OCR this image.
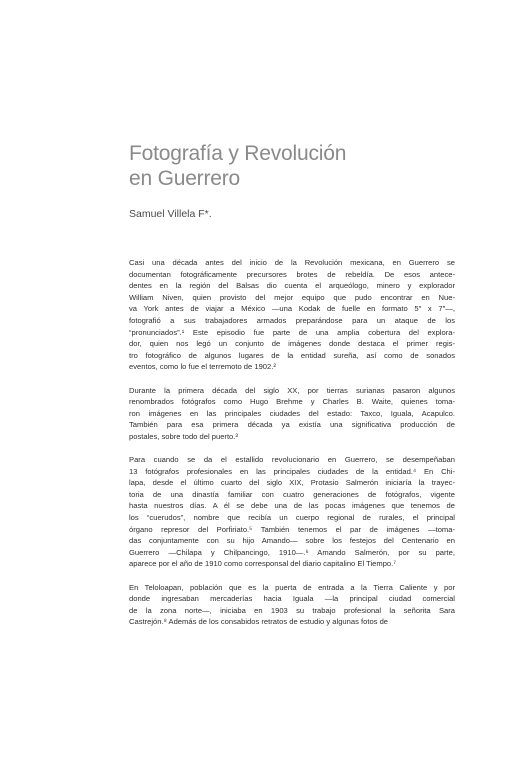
Fotografía y Revolución
en Guerrero
Samuel Villela F*.

Casi una década antes del inicio de la Revolución mexicana, en Guerrero se
documentan fotográficamente precursores brotes de rebeldía. De esos antece-
dentes en la región del Balsas dio cuenta el arqueólogo, minero y explorador
William Niven, quien provisto del mejor equipo que pudo encontrar en Nue-
va York antes de viajar a México —una Kodak de fuelle en formato 5″ x 7″—,
fotografió a sus trabajadores armados preparándose para un ataque de los
“pronunciados”.¹ Este episodio fue parte de una amplia cobertura del explora-
dor, quien nos legó un conjunto de imágenes donde destaca el primer regis-
tro fotográfico de algunos lugares de la entidad sureña, así como de sonados
eventos, como lo fue el terremoto de 1902.²

Durante la primera década del siglo XX, por tierras surianas pasaron algunos
renombrados fotógrafos como Hugo Brehme y Charles B. Waite, quienes toma-
ron imágenes en las principales ciudades del estado: Taxco, Iguala, Acapulco.
También para esa primera década ya existía una significativa producción de
postales, sobre todo del puerto.³

Para cuando se da el estallido revolucionario en Guerrero, se desempeñaban
13 fotógrafos profesionales en las principales ciudades de la entidad.⁴ En Chi-
lapa, desde el último cuarto del siglo XIX, Protasio Salmerón iniciaría la trayec-
toria de una dinastía familiar con cuatro generaciones de fotógrafos, vigente
hasta nuestros días. A él se debe una de las pocas imágenes que tenemos de
los “cuerudos”, nombre que recibía un cuerpo regional de rurales, el principal
órgano represor del Porfiriato.⁵ También tenemos el par de imágenes —toma-
das conjuntamente con su hijo Amando— sobre los festejos del Centenario en
Guerrero —Chilapa y Chilpancingo, 1910—.⁶ Amando Salmerón, por su parte,
aparece por el año de 1910 como corresponsal del diario capitalino El Tiempo.⁷

En Teloloapan, población que es la puerta de entrada a la Tierra Caliente y por
donde ingresaban mercaderías hacia Iguala —la principal ciudad comercial
de la zona norte—, iniciaba en 1903 su trabajo profesional la señorita Sara
Castrejón.⁸ Además de los consabidos retratos de estudio y algunas fotos de
